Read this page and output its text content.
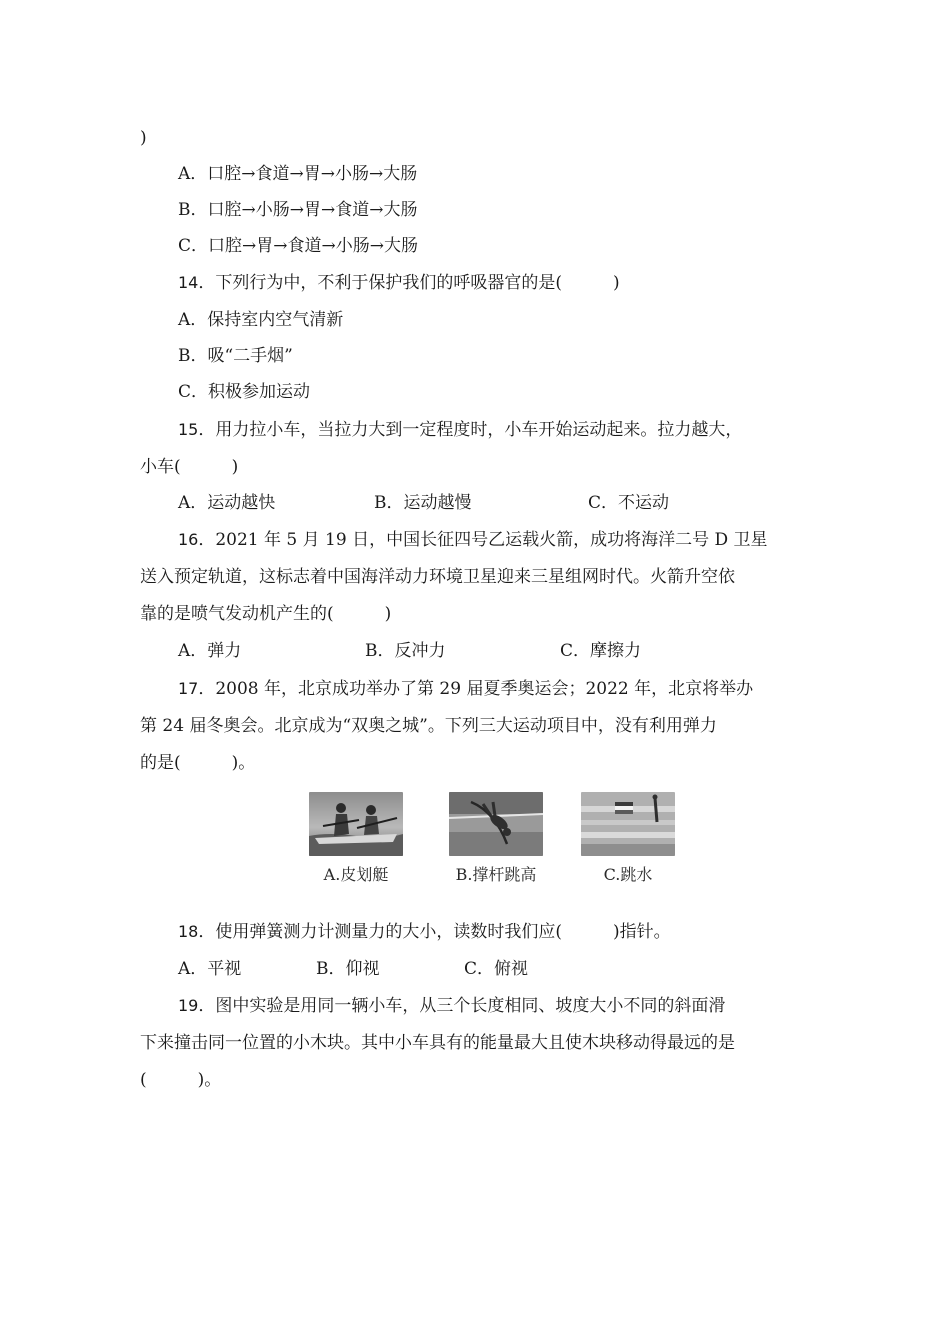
)
A．口腔→食道→胃→小肠→大肠
B．口腔→小肠→胃→食道→大肠
C．口腔→胃→食道→小肠→大肠
14．下列行为中，不利于保护我们的呼吸器官的是(　　　)
A．保持室内空气清新
B．吸“二手烟”
C．积极参加运动
15．用力拉小车，当拉力大到一定程度时，小车开始运动起来。拉力越大，
小车(　　　)
A．运动越快	B．运动越慢	C．不运动
16．2021 年 5 月 19 日，中国长征四号乙运载火箭，成功将海洋二号 D 卫星
送入预定轨道，这标志着中国海洋动力环境卫星迎来三星组网时代。火箭升空依
靠的是喷气发动机产生的(　　　)
A．弹力	B．反冲力	C．摩擦力
17．2008 年，北京成功举办了第 29 届夏季奥运会；2022 年，北京将举办
第 24 届冬奥会。北京成为“双奥之城”。下列三大运动项目中，没有利用弹力
的是(　　　)。
A.皮划艇	B.撑杆跳高	C.跳水
18．使用弹簧测力计测量力的大小，读数时我们应(　　　)指针。
A．平视	B．仰视	C．俯视
19．图中实验是用同一辆小车，从三个长度相同、坡度大小不同的斜面滑
下来撞击同一位置的小木块。其中小车具有的能量最大且使木块移动得最远的是
(　　　)。
